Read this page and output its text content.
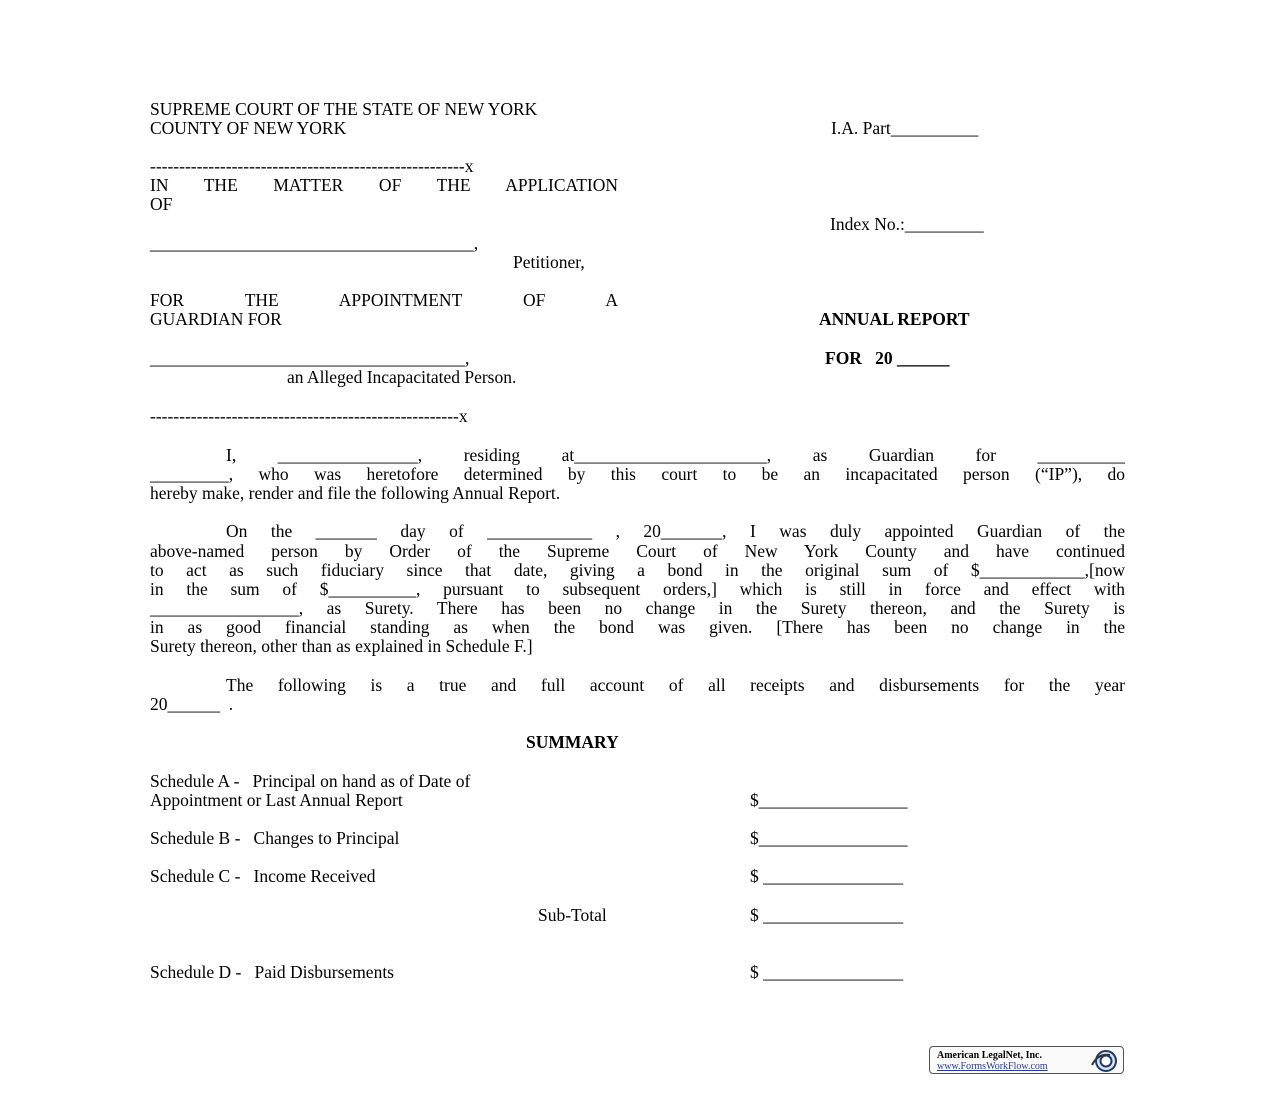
SUPREME COURT OF THE STATE OF NEW YORK
COUNTY OF NEW YORK	I.A. Part__________
------------------------------------------------------x
IN THE MATTER OF THE APPLICATION
OF
Index No.:_________
_____________________________________,
Petitioner,
FOR THE APPOINTMENT OF A
GUARDIAN FOR	ANNUAL REPORT
____________________________________,	FOR   20 ______
an Alleged Incapacitated Person.
-----------------------------------------------------x
I, ________________, residing at______________________, as Guardian for __________
_________, who was heretofore determined by this court to be an incapacitated person (“IP”), do
hereby make, render and file the following Annual Report.
On the _______ day of ____________ , 20_______, I was duly appointed Guardian of the
above-named person by Order of the Supreme Court of New York County and have continued
to act as such fiduciary since that date, giving a bond in the original sum of $____________,[now
in the sum of $__________, pursuant to subsequent orders,] which is still in force and effect with
_________________, as Surety. There has been no change in the Surety thereon, and the Surety is
in as good financial standing as when the bond was given. [There has been no change in the
Surety thereon, other than as explained in Schedule F.]
The following is a true and full account of all receipts and disbursements for the year
20______  .
SUMMARY
Schedule A -   Principal on hand as of Date of
Appointment or Last Annual Report	$_________________
Schedule B -   Changes to Principal	$_________________
Schedule C -   Income Received	$ ________________
Sub-Total	$ ________________
Schedule D -   Paid Disbursements	$ ________________
American LegalNet, Inc.
www.FormsWorkFlow.com
